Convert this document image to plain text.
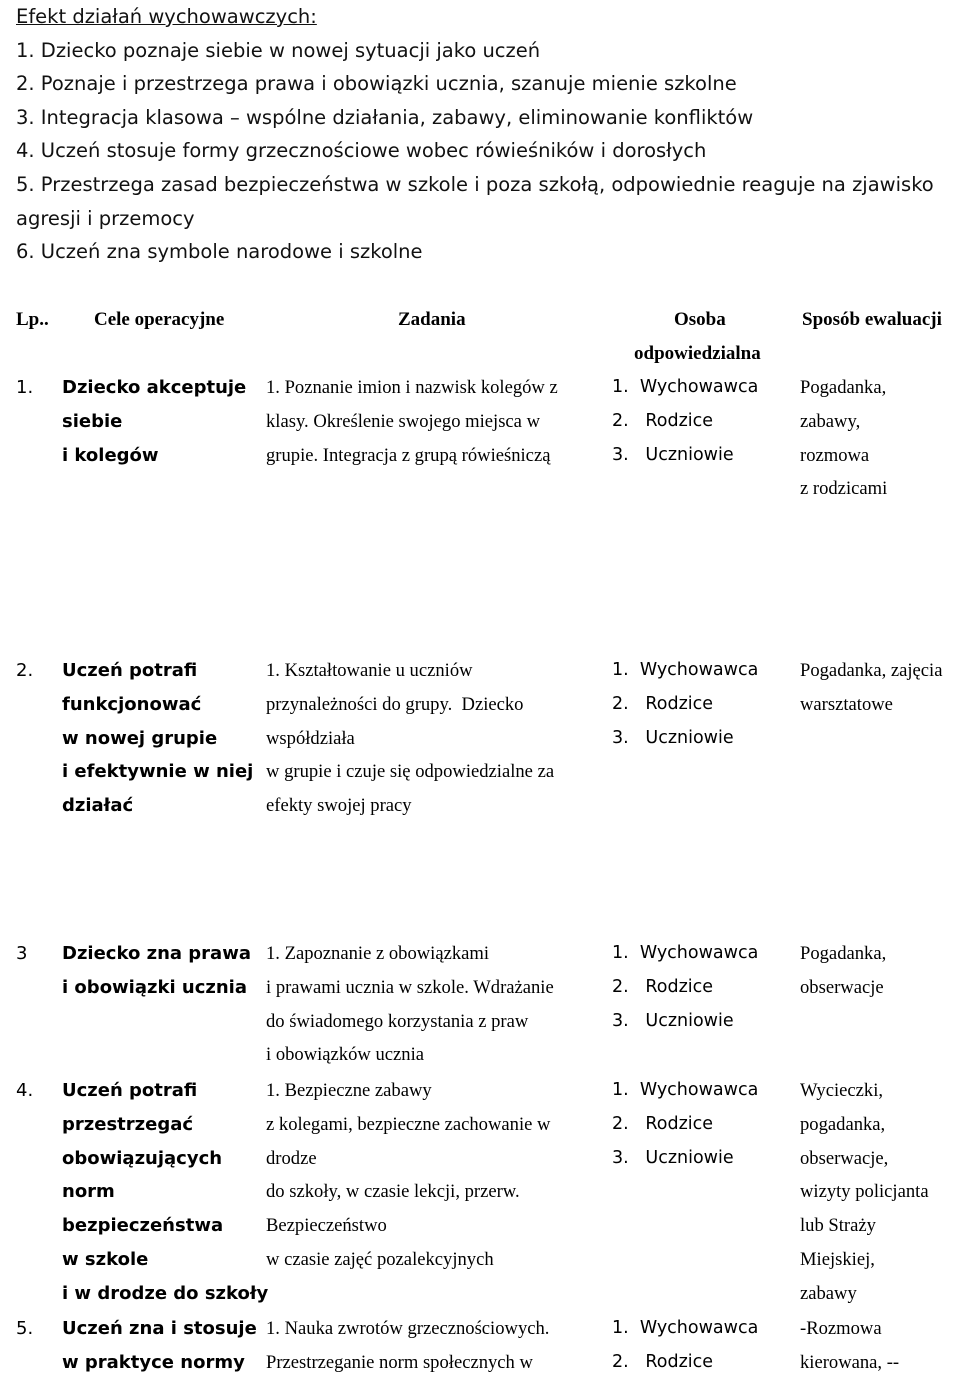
Efekt działań wychowawczych:
1. Dziecko poznaje siebie w nowej sytuacji jako uczeń
2. Poznaje i przestrzega prawa i obowiązki ucznia, szanuje mienie szkolne
3. Integracja klasowa – wspólne działania, zabawy, eliminowanie konfliktów
4. Uczeń stosuje formy grzecznościowe wobec rówieśników i dorosłych
5. Przestrzega zasad bezpieczeństwa w szkole i poza szkołą, odpowiednie reaguje na zjawisko agresji i przemocy
6. Uczeń zna symbole narodowe i szkolne
Lp.. Cele operacyjne	Zadania	Osoba
odpowiedzialna
Sposób ewaluacji
1. Dziecko akceptuje
siebie
i kolegów
1. Poznanie imion i nazwisk kolegów z
klasy. Określenie swojego miejsca w
grupie. Integracja z grupą rówieśniczą
1.  Wychowawca
2.   Rodzice
3.   Uczniowie
Pogadanka,
zabawy,
rozmowa
z rodzicami
2. Uczeń potrafi
funkcjonować
w nowej grupie
i efektywnie w niej
działać
1. Kształtowanie u uczniów
przynależności do grupy.  Dziecko
współdziała
w grupie i czuje się odpowiedzialne za
efekty swojej pracy
1.  Wychowawca
2.   Rodzice
3.   Uczniowie
Pogadanka, zajęcia
warsztatowe
3 Dziecko zna prawa
i obowiązki ucznia
1. Zapoznanie z obowiązkami
i prawami ucznia w szkole. Wdrażanie
do świadomego korzystania z praw
i obowiązków ucznia
1.  Wychowawca
2.   Rodzice
3.   Uczniowie
Pogadanka,
obserwacje
4. Uczeń potrafi
przestrzegać
obowiązujących
norm
bezpieczeństwa
w szkole
i w drodze do szkoły
1. Bezpieczne zabawy
z kolegami, bezpieczne zachowanie w
drodze
do szkoły, w czasie lekcji, przerw.
Bezpieczeństwo
w czasie zajęć pozalekcyjnych
1.  Wychowawca
2.   Rodzice
3.   Uczniowie
Wycieczki,
pogadanka,
obserwacje,
wizyty policjanta
lub Straży
Miejskiej,
zabawy
5. Uczeń zna i stosuje
w praktyce normy
1. Nauka zwrotów grzecznościowych.
Przestrzeganie norm społecznych w
1.  Wychowawca
2.   Rodzice
-Rozmowa
kierowana, --
